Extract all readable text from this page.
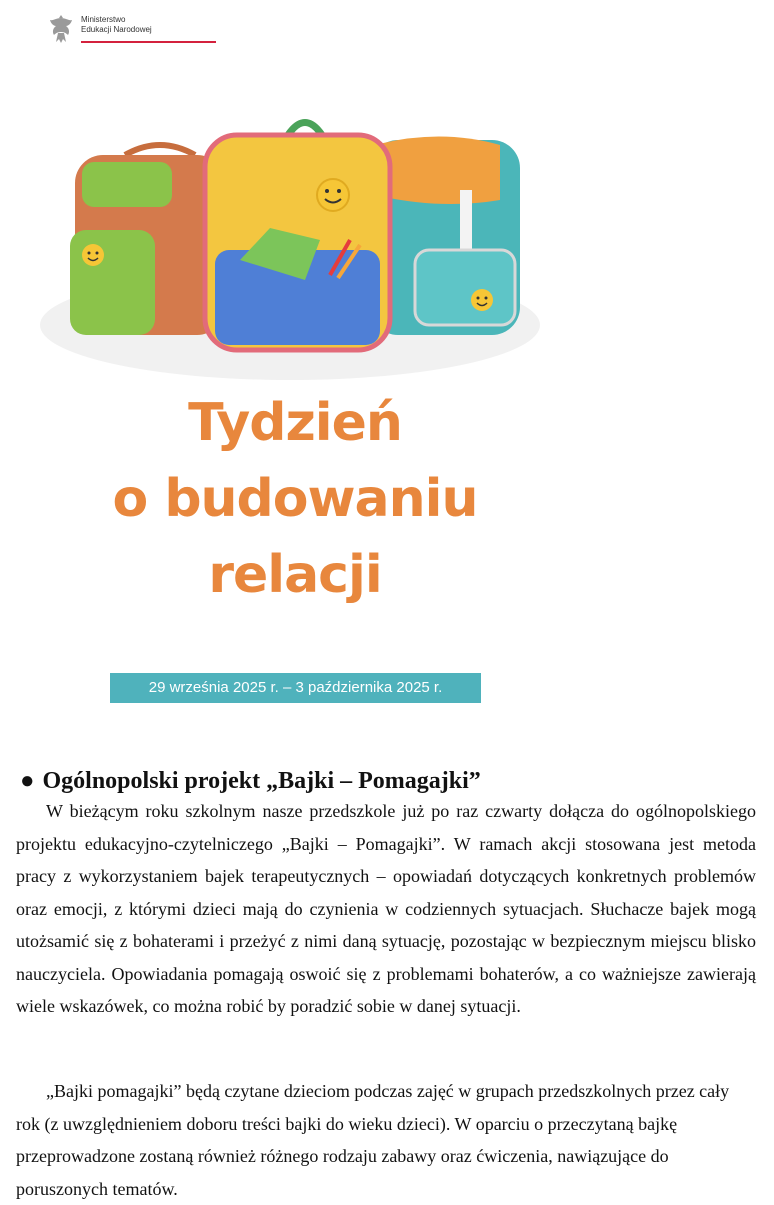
Ministerstwo
Edukacji Narodowej
Tydzień
o budowaniu
relacji
29 września 2025 r. – 3 października 2025 r.
● Ogólnopolski projekt „Bajki – Pomagajki”

W bieżącym roku szkolnym nasze przedszkole już po raz czwarty dołącza do ogólnopolskiego projektu edukacyjno-czytelniczego „Bajki – Pomagajki”. W ramach akcji stosowana jest metoda pracy z wykorzystaniem bajek terapeutycznych – opowiadań dotyczących konkretnych problemów oraz emocji, z którymi dzieci mają do czynienia w codziennych sytuacjach. Słuchacze bajek mogą utożsamić się z bohaterami i przeżyć z nimi daną sytuację, pozostając w bezpiecznym miejscu blisko nauczyciela. Opowiadania pomagają oswoić się z problemami bohaterów, a co ważniejsze zawierają wiele wskazówek, co można robić by poradzić sobie w danej sytuacji.

„Bajki pomagajki” będą czytane dzieciom podczas zajęć w grupach przedszkolnych przez cały rok (z uwzględnieniem doboru treści bajki do wieku dzieci). W oparciu o przeczytaną bajkę przeprowadzone zostaną również różnego rodzaju zabawy oraz ćwiczenia, nawiązujące do poruszonych tematów.
